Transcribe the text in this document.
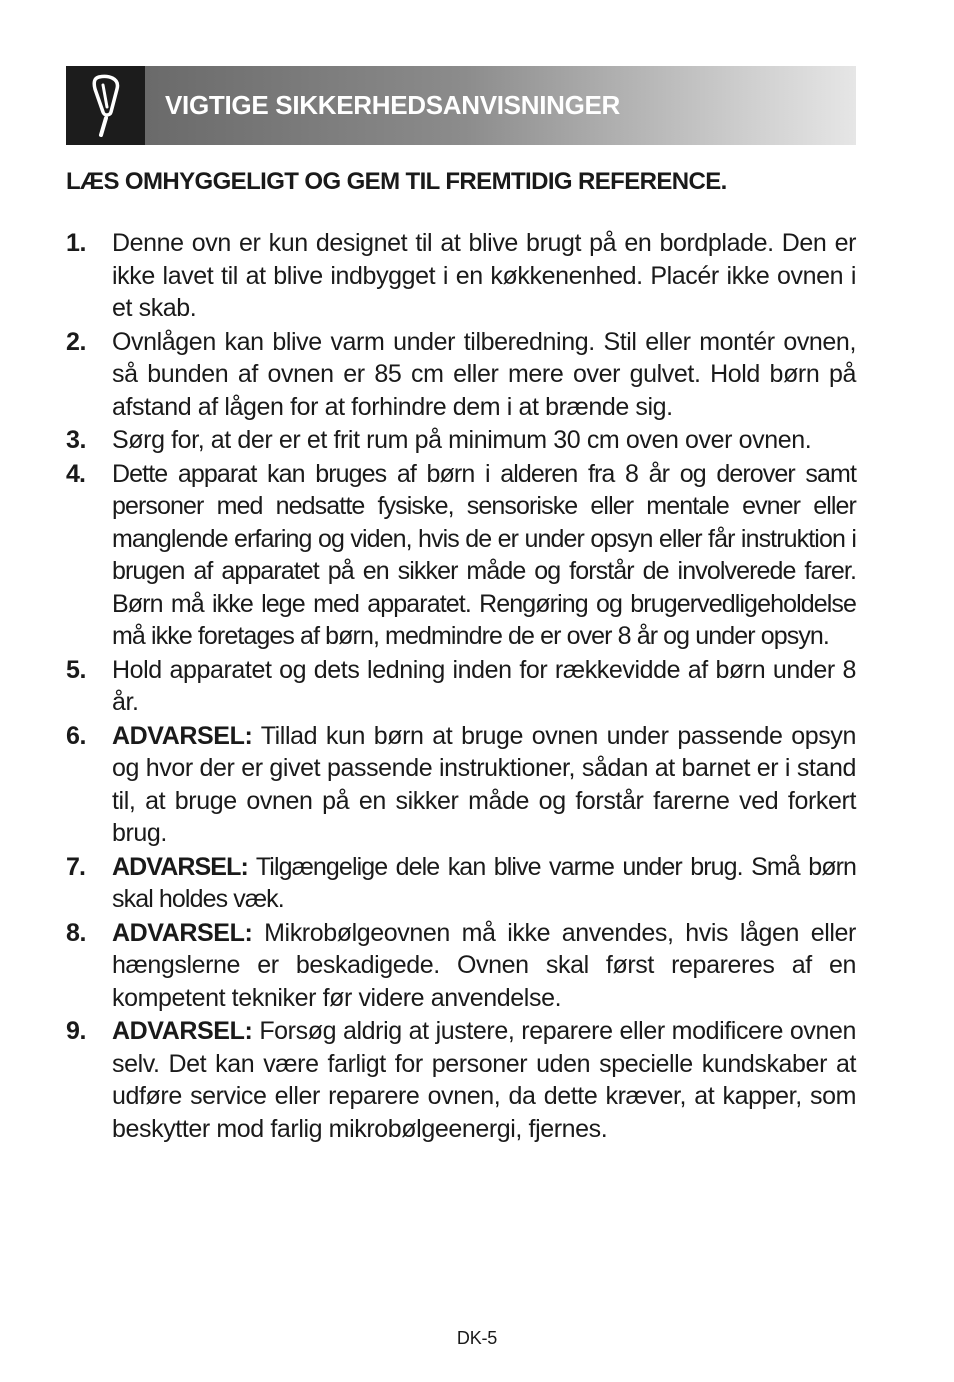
VIGTIGE SIKKERHEDSANVISNINGER
LÆS OMHYGGELIGT OG GEM TIL FREMTIDIG REFERENCE.
1. Denne ovn er kun designet til at blive brugt på en bordplade. Den er ikke lavet til at blive indbygget i en køkkenenhed. Placér ikke ovnen i et skab.
2. Ovnlågen kan blive varm under tilberedning. Stil eller montér ovnen, så bunden af ovnen er 85 cm eller mere over gulvet. Hold børn på afstand af lågen for at forhindre dem i at brænde sig.
3. Sørg for, at der er et frit rum på minimum 30 cm oven over ovnen.
4. Dette apparat kan bruges af børn i alderen fra 8 år og derover samt personer med nedsatte fysiske, sensoriske eller mentale evner eller manglende erfaring og viden, hvis de er under opsyn eller får instruktion i brugen af apparatet på en sikker måde og forstår de involverede farer. Børn må ikke lege med apparatet. Rengøring og brugervedligeholdelse må ikke foretages af børn, medmindre de er over 8 år og under opsyn.
5. Hold apparatet og dets ledning inden for rækkevidde af børn under 8 år.
6. ADVARSEL: Tillad kun børn at bruge ovnen under passende opsyn og hvor der er givet passende instruktioner, sådan at barnet er i stand til, at bruge ovnen på en sikker måde og forstår farerne ved forkert brug.
7. ADVARSEL: Tilgængelige dele kan blive varme under brug. Små børn skal holdes væk.
8. ADVARSEL: Mikrobølgeovnen må ikke anvendes, hvis lågen eller hængslerne er beskadigede. Ovnen skal først repareres af en kompetent tekniker før videre anvendelse.
9. ADVARSEL: Forsøg aldrig at justere, reparere eller modificere ovnen selv. Det kan være farligt for personer uden specielle kundskaber at udføre service eller reparere ovnen, da dette kræver, at kapper, som beskytter mod farlig mikrobølgeenergi, fjernes.
DK-5
